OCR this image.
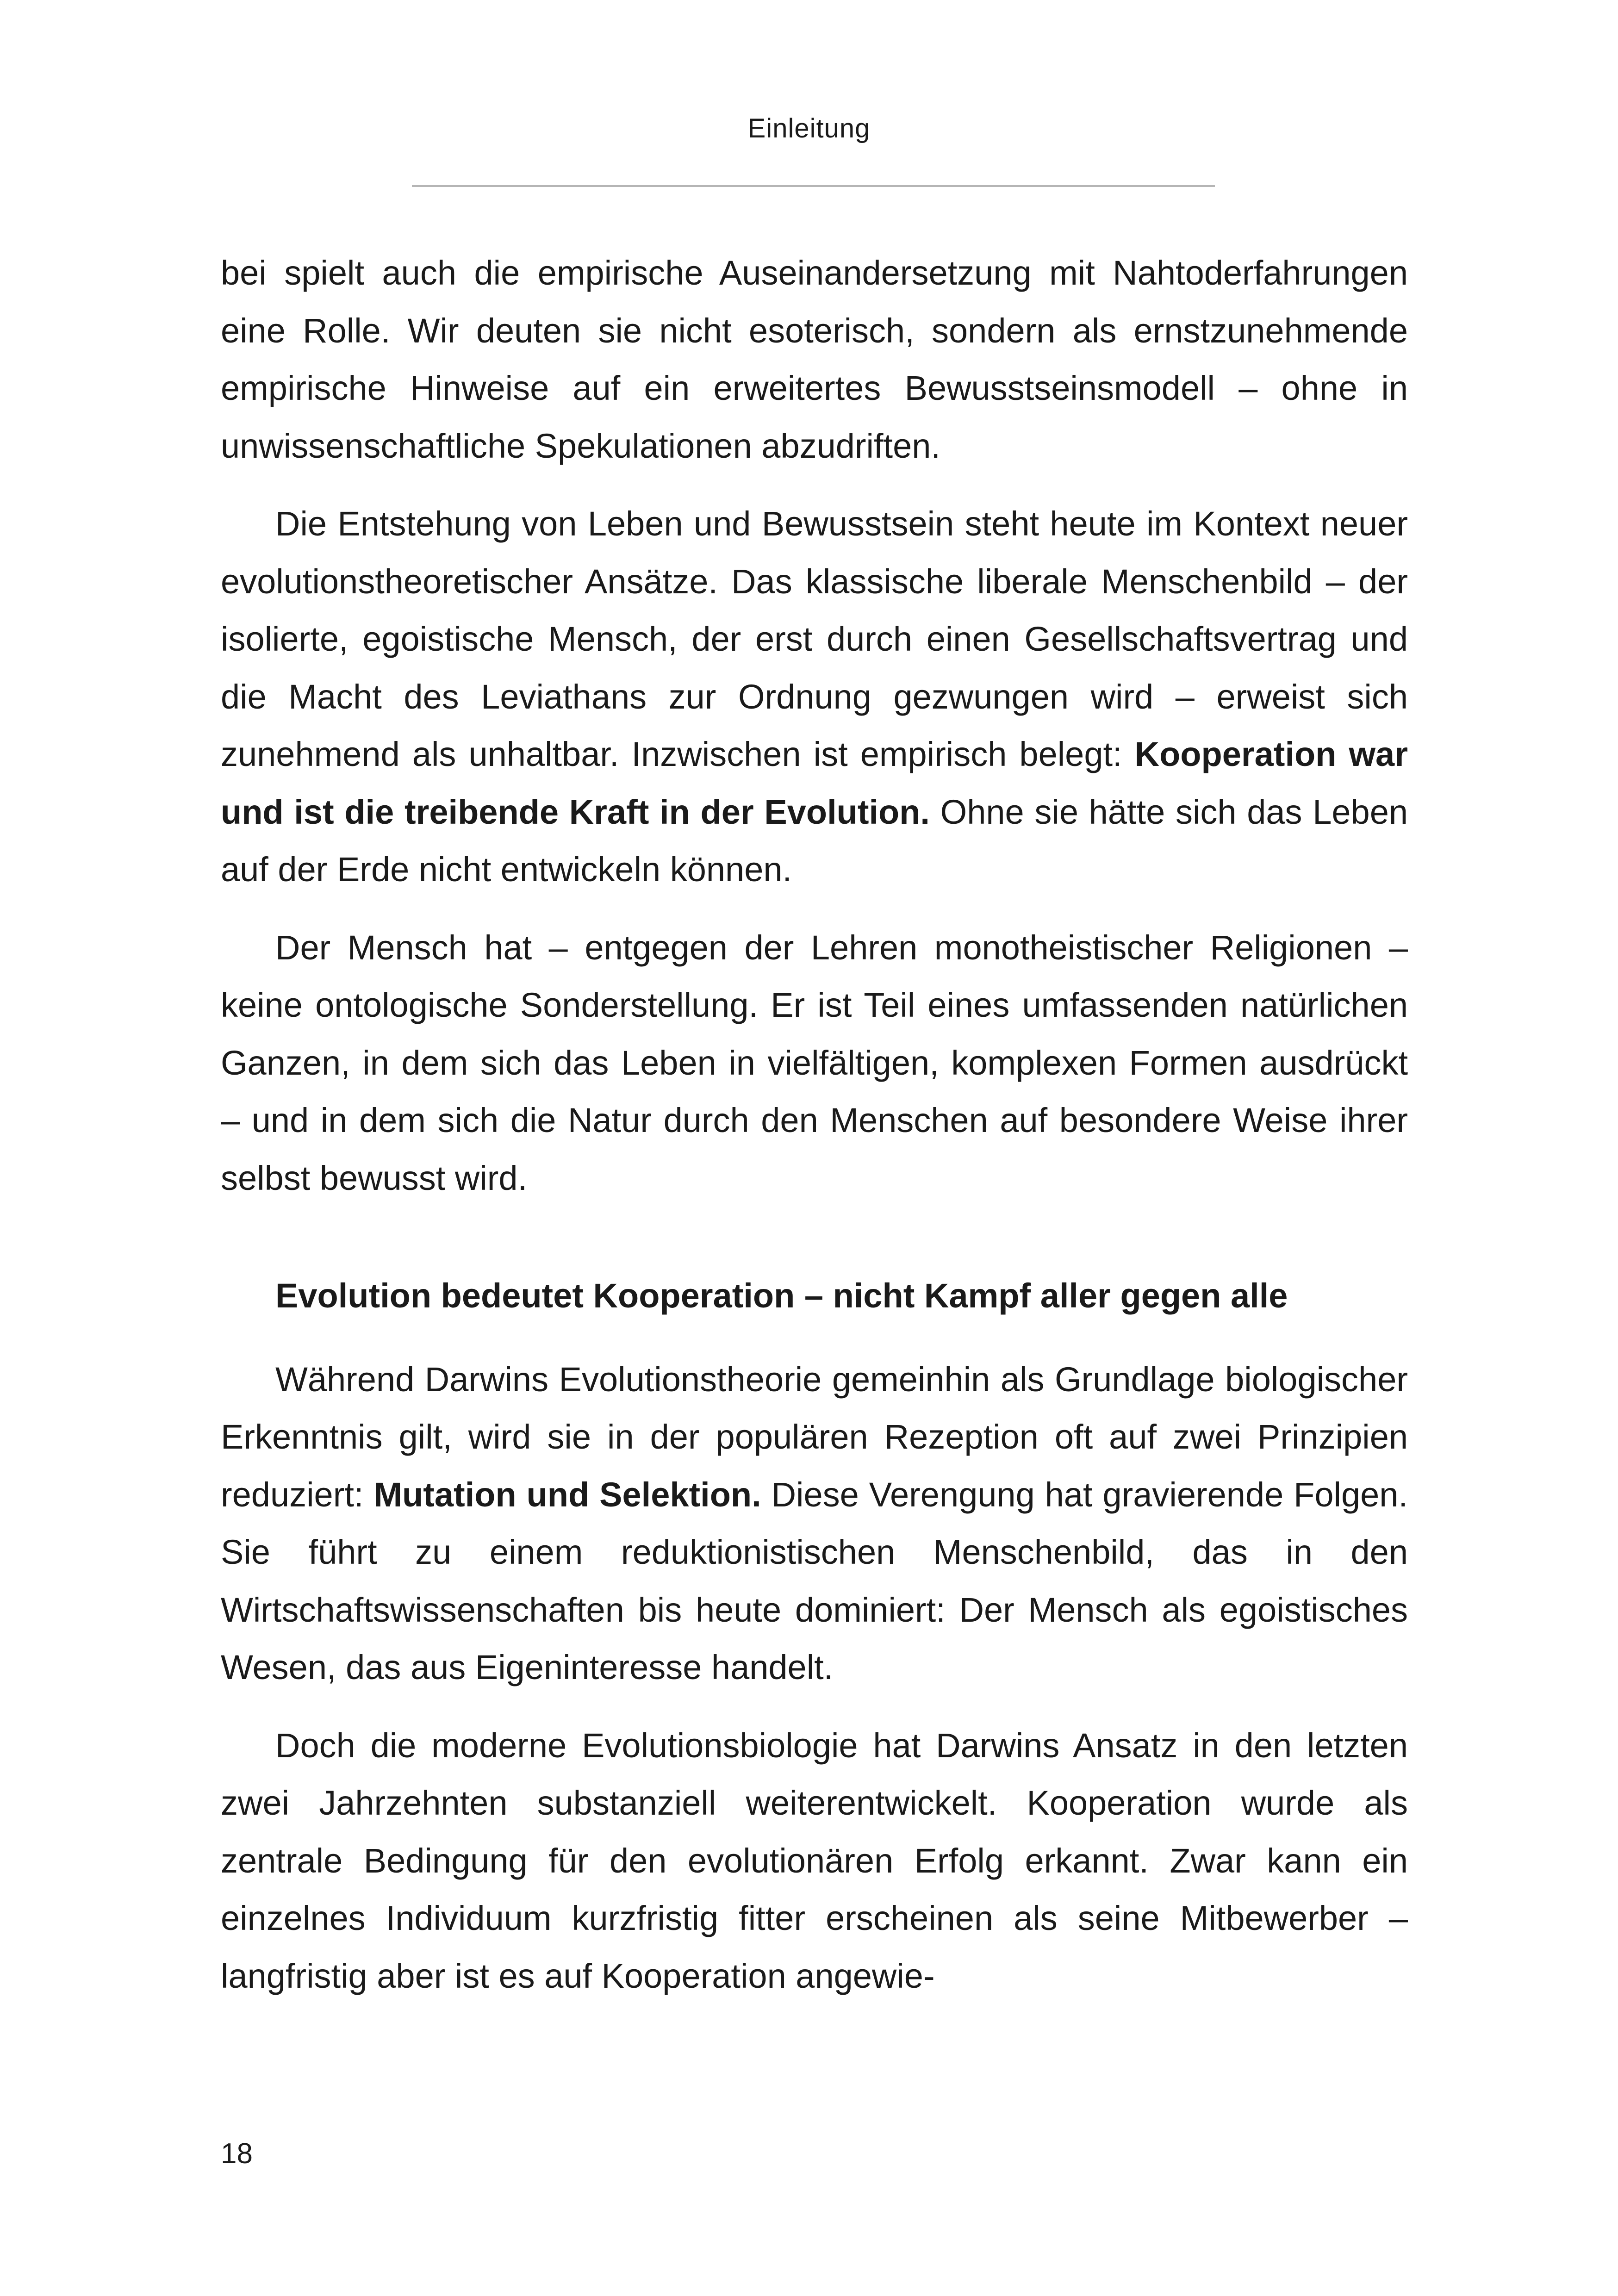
Einleitung

bei spielt auch die empirische Auseinandersetzung mit Nahtoderfahrungen eine Rolle. Wir deuten sie nicht esoterisch, sondern als ernstzunehmende empirische Hinweise auf ein erweitertes Bewusstseinsmodell – ohne in unwissenschaftliche Spekulationen abzudriften.

Die Entstehung von Leben und Bewusstsein steht heute im Kontext neuer evolutionstheoretischer Ansätze. Das klassische liberale Menschenbild – der isolierte, egoistische Mensch, der erst durch einen Gesellschaftsvertrag und die Macht des Leviathans zur Ordnung gezwungen wird – erweist sich zunehmend als unhaltbar. Inzwischen ist empirisch belegt: Kooperation war und ist die treibende Kraft in der Evolution. Ohne sie hätte sich das Leben auf der Erde nicht entwickeln können.

Der Mensch hat – entgegen der Lehren monotheistischer Religionen – keine ontologische Sonderstellung. Er ist Teil eines umfassenden natürlichen Ganzen, in dem sich das Leben in vielfältigen, komplexen Formen ausdrückt – und in dem sich die Natur durch den Menschen auf besondere Weise ihrer selbst bewusst wird.

Evolution bedeutet Kooperation – nicht Kampf aller gegen alle

Während Darwins Evolutionstheorie gemeinhin als Grundlage biologischer Erkenntnis gilt, wird sie in der populären Rezeption oft auf zwei Prinzipien reduziert: Mutation und Selektion. Diese Verengung hat gravierende Folgen. Sie führt zu einem reduktionistischen Menschenbild, das in den Wirtschaftswissenschaften bis heute dominiert: Der Mensch als egoistisches Wesen, das aus Eigeninteresse handelt.

Doch die moderne Evolutionsbiologie hat Darwins Ansatz in den letzten zwei Jahrzehnten substanziell weiterentwickelt. Kooperation wurde als zentrale Bedingung für den evolutionären Erfolg erkannt. Zwar kann ein einzelnes Individuum kurzfristig fitter erscheinen als seine Mitbewerber – langfristig aber ist es auf Kooperation angewie-

18
